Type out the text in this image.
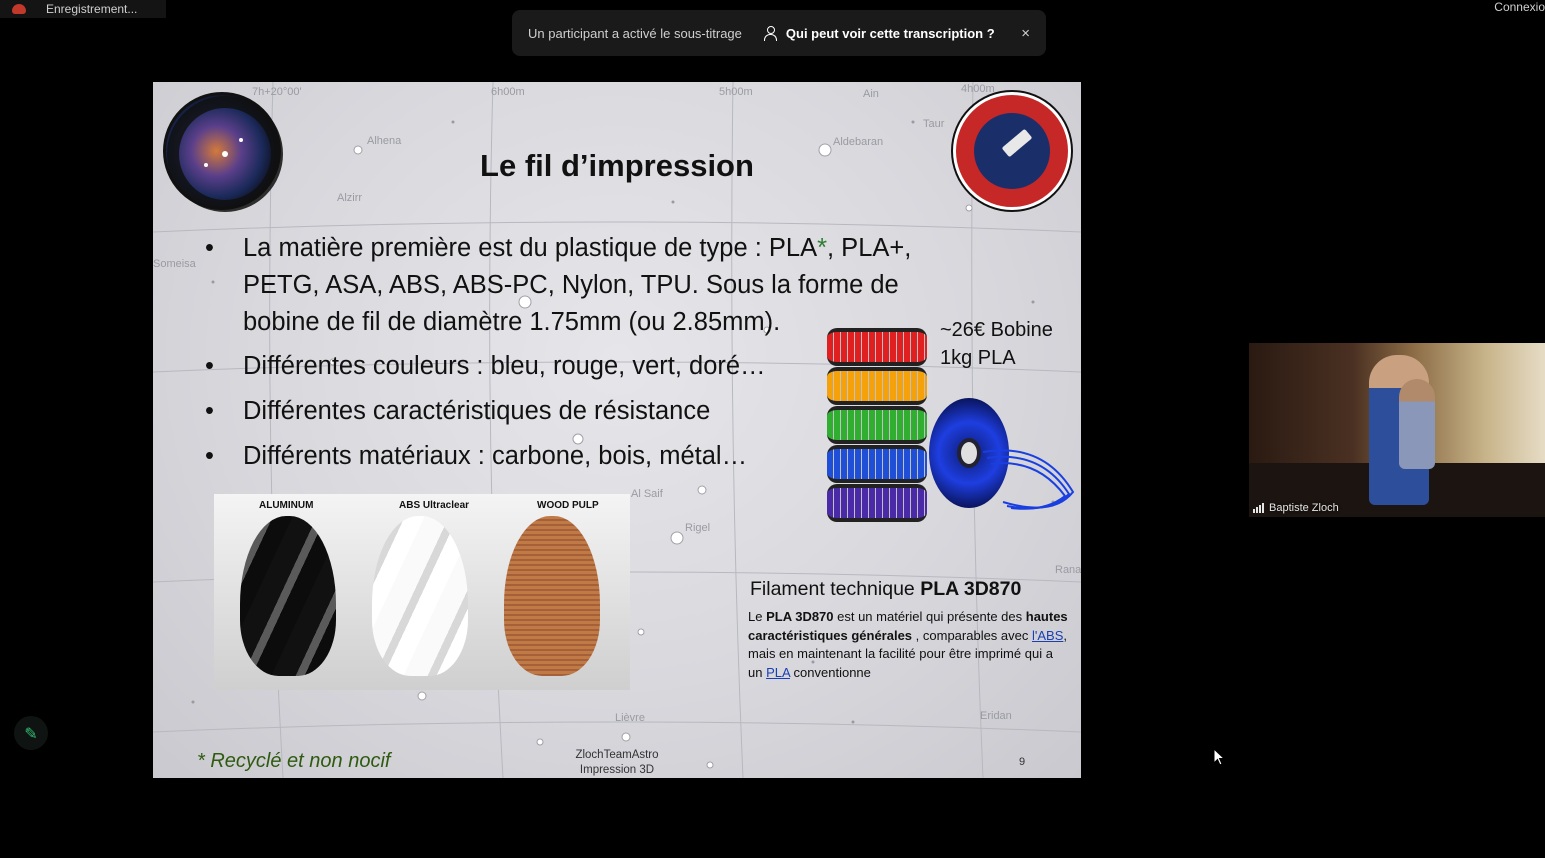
Enregistrement...	Connexio
Un participant a activé le sous-titrage	Qui peut voir cette transcription ? ×
7h+20°00'	6h00m	5h00m	4h00m
Alhena
Alzirr
Taur
Aldebaran
Someisa
Al Saif
Rigel
Lièvre	Eridan
Rana
Ain
Le fil d’impression
• La matière première est du plastique de type : PLA*, PLA+, PETG, ASA, ABS, ABS-PC, Nylon, TPU. Sous la forme de bobine de fil de diamètre 1.75mm (ou 2.85mm).
• Différentes couleurs : bleu, rouge, vert, doré…
• Différentes caractéristiques de résistance
• Différents matériaux : carbone, bois, métal…
~26€ Bobine
1kg PLA
ALUMINUM	ABS Ultraclear	WOOD PULP
Filament technique PLA 3D870
Le PLA 3D870 est un matériel qui présente des hautes caractéristiques générales , comparables avec l'ABS, mais en maintenant la facilité pour être imprimé qui a un PLA conventionne
* Recyclé et non nocif	ZlochTeamAstro
Impression 3D
9
Baptiste Zloch
✎
